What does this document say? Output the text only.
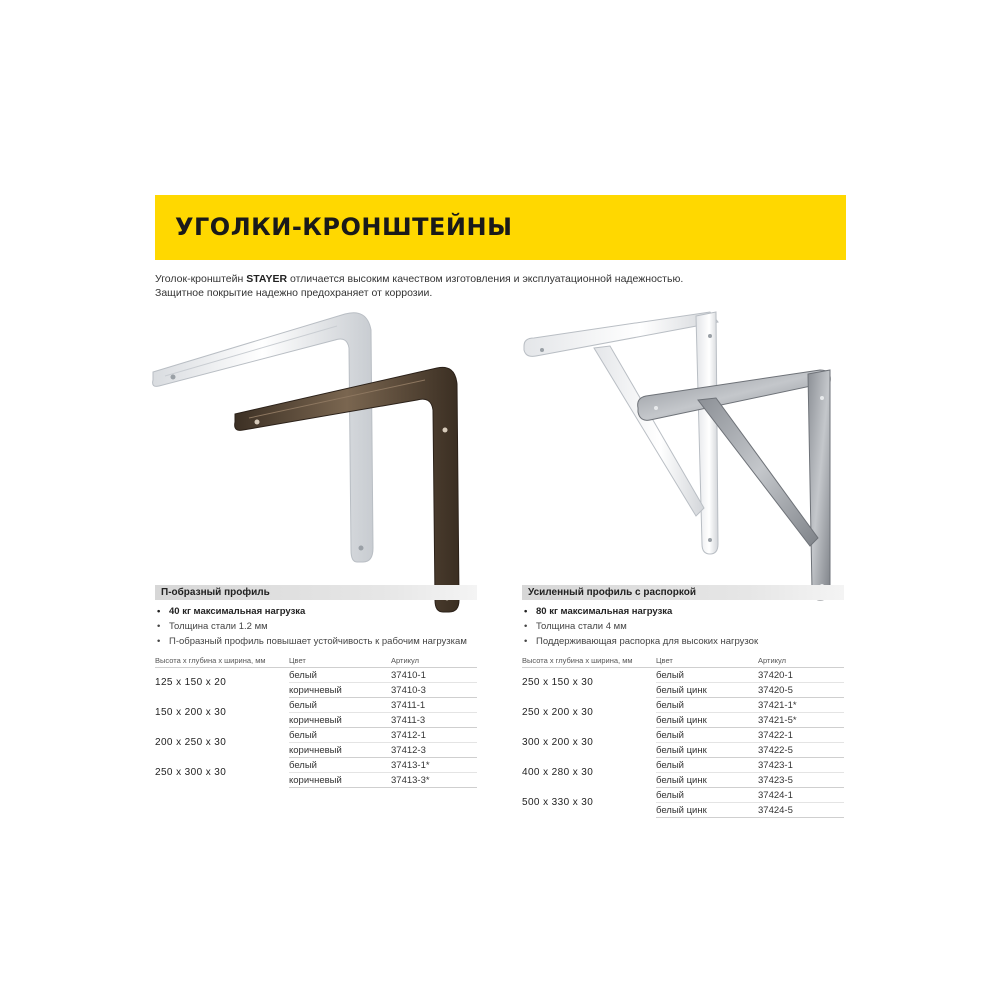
УГОЛКИ-КРОНШТЕЙНЫ

Уголок-кронштейн STAYER отличается высоким качеством изготовления и эксплуатационной надежностью.

Защитное покрытие надежно предохраняет от коррозии.

П-образный профиль
• 40 кг максимальная нагрузка
• Толщина стали 1.2 мм
• П-образный профиль повышает устойчивость к рабочим нагрузкам
Высота х глубина х ширина, мм	Цвет	Артикул
125 х 150 х 20	белый	37410-1
	коричневый	37410-3
150 х 200 х 30	белый	37411-1
	коричневый	37411-3
200 х 250 х 30	белый	37412-1
	коричневый	37412-3
250 х 300 х 30	белый	37413-1*
	коричневый	37413-3*
Усиленный профиль с распоркой
• 80 кг максимальная нагрузка
• Толщина стали 4 мм
• Поддерживающая распорка для высоких нагрузок
Высота х глубина х ширина, мм	Цвет	Артикул
250 х 150 х 30	белый	37420-1
	белый цинк	37420-5
250 х 200 х 30	белый	37421-1*
	белый цинк	37421-5*
300 х 200 х 30	белый	37422-1
	белый цинк	37422-5
400 х 280 х 30	белый	37423-1
	белый цинк	37423-5
500 х 330 х 30	белый	37424-1
	белый цинк	37424-5
